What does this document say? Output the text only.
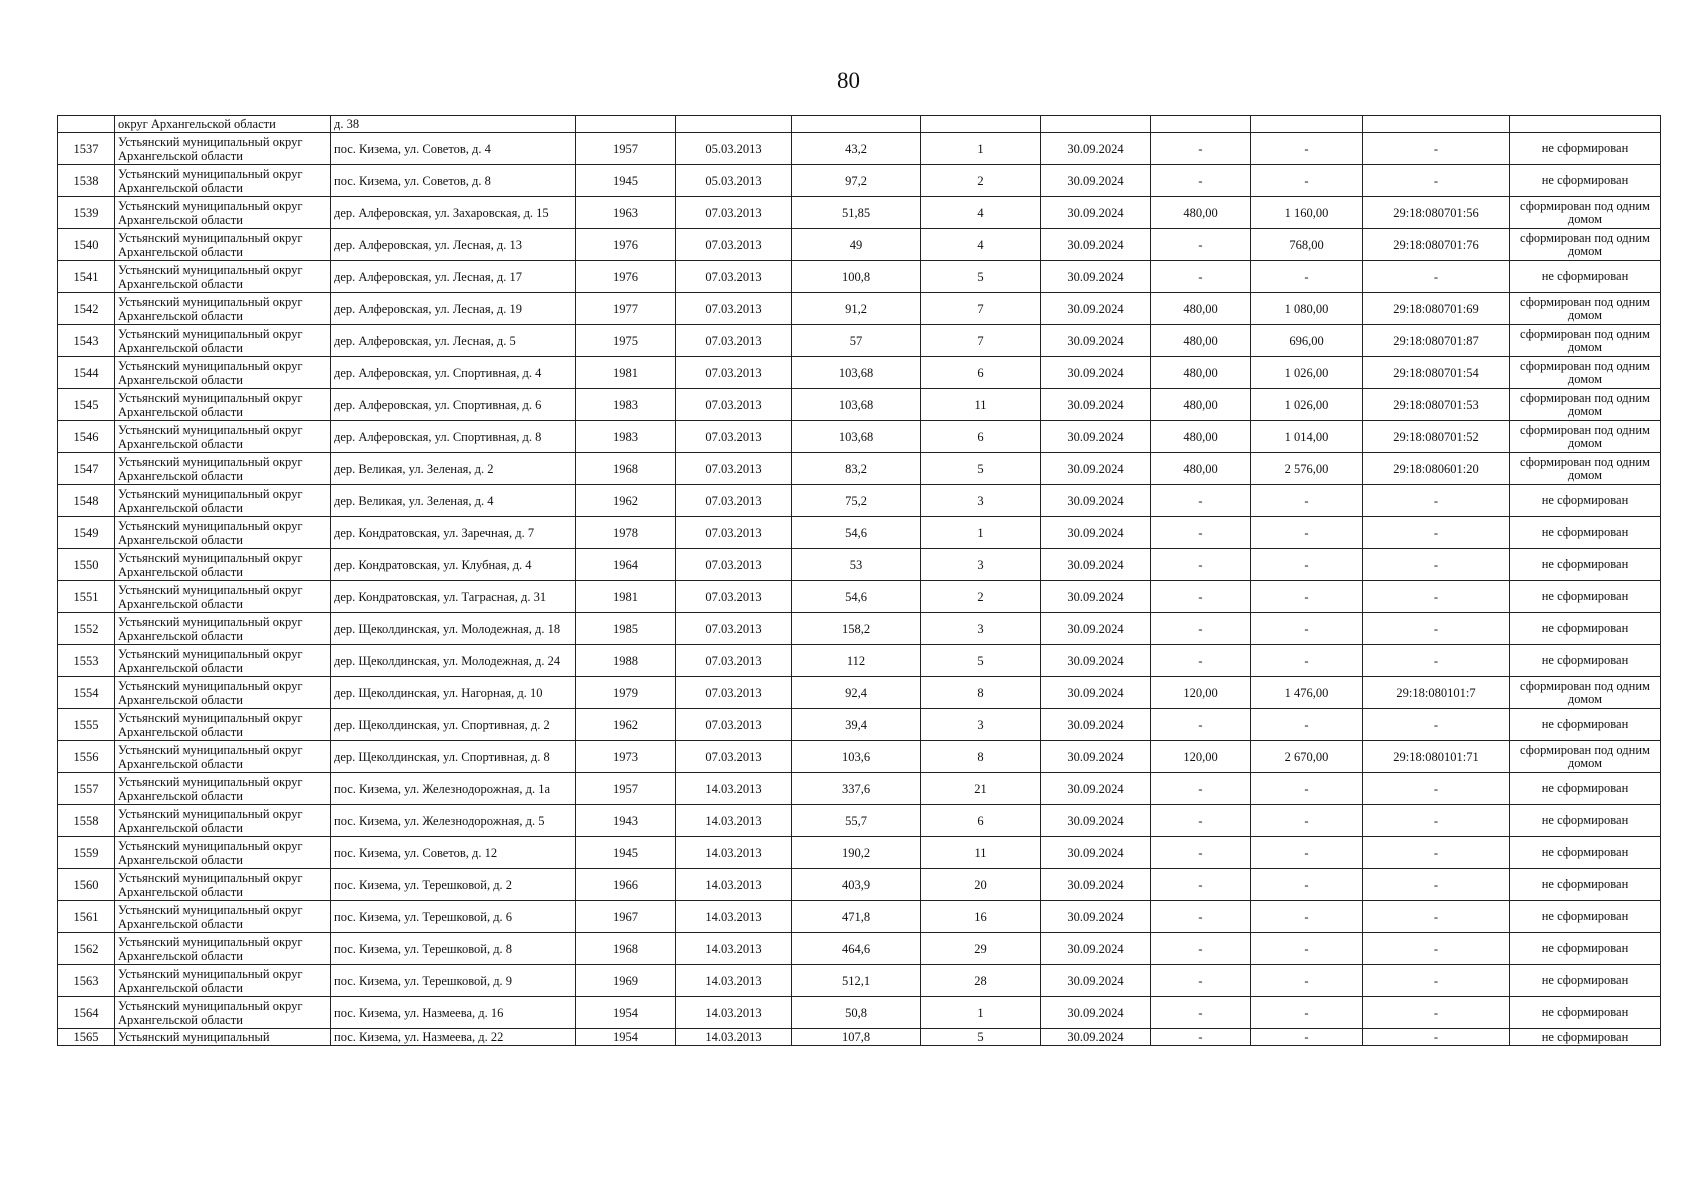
80
	округ Архангельской области	д. 38									
1537	Устьянский муниципальный округ Архангельской области	пос. Кизема, ул. Советов, д. 4	1957	05.03.2013	43,2	1	30.09.2024	-	-	-	не сформирован
1538	Устьянский муниципальный округ Архангельской области	пос. Кизема, ул. Советов, д. 8	1945	05.03.2013	97,2	2	30.09.2024	-	-	-	не сформирован
1539	Устьянский муниципальный округ Архангельской области	дер. Алферовская, ул. Захаровская, д. 15	1963	07.03.2013	51,85	4	30.09.2024	480,00	1 160,00	29:18:080701:56	сформирован под одним домом
1540	Устьянский муниципальный округ Архангельской области	дер. Алферовская, ул. Лесная, д. 13	1976	07.03.2013	49	4	30.09.2024	-	768,00	29:18:080701:76	сформирован под одним домом
1541	Устьянский муниципальный округ Архангельской области	дер. Алферовская, ул. Лесная, д. 17	1976	07.03.2013	100,8	5	30.09.2024	-	-	-	не сформирован
1542	Устьянский муниципальный округ Архангельской области	дер. Алферовская, ул. Лесная, д. 19	1977	07.03.2013	91,2	7	30.09.2024	480,00	1 080,00	29:18:080701:69	сформирован под одним домом
1543	Устьянский муниципальный округ Архангельской области	дер. Алферовская, ул. Лесная, д. 5	1975	07.03.2013	57	7	30.09.2024	480,00	696,00	29:18:080701:87	сформирован под одним домом
1544	Устьянский муниципальный округ Архангельской области	дер. Алферовская, ул. Спортивная, д. 4	1981	07.03.2013	103,68	6	30.09.2024	480,00	1 026,00	29:18:080701:54	сформирован под одним домом
1545	Устьянский муниципальный округ Архангельской области	дер. Алферовская, ул. Спортивная, д. 6	1983	07.03.2013	103,68	11	30.09.2024	480,00	1 026,00	29:18:080701:53	сформирован под одним домом
1546	Устьянский муниципальный округ Архангельской области	дер. Алферовская, ул. Спортивная, д. 8	1983	07.03.2013	103,68	6	30.09.2024	480,00	1 014,00	29:18:080701:52	сформирован под одним домом
1547	Устьянский муниципальный округ Архангельской области	дер. Великая, ул. Зеленая, д. 2	1968	07.03.2013	83,2	5	30.09.2024	480,00	2 576,00	29:18:080601:20	сформирован под одним домом
1548	Устьянский муниципальный округ Архангельской области	дер. Великая, ул. Зеленая, д. 4	1962	07.03.2013	75,2	3	30.09.2024	-	-	-	не сформирован
1549	Устьянский муниципальный округ Архангельской области	дер. Кондратовская, ул. Заречная, д. 7	1978	07.03.2013	54,6	1	30.09.2024	-	-	-	не сформирован
1550	Устьянский муниципальный округ Архангельской области	дер. Кондратовская, ул. Клубная, д. 4	1964	07.03.2013	53	3	30.09.2024	-	-	-	не сформирован
1551	Устьянский муниципальный округ Архангельской области	дер. Кондратовская, ул. Таграсная, д. 31	1981	07.03.2013	54,6	2	30.09.2024	-	-	-	не сформирован
1552	Устьянский муниципальный округ Архангельской области	дер. Щеколдинская, ул. Молодежная, д. 18	1985	07.03.2013	158,2	3	30.09.2024	-	-	-	не сформирован
1553	Устьянский муниципальный округ Архангельской области	дер. Щеколдинская, ул. Молодежная, д. 24	1988	07.03.2013	112	5	30.09.2024	-	-	-	не сформирован
1554	Устьянский муниципальный округ Архангельской области	дер. Щеколдинская, ул. Нагорная, д. 10	1979	07.03.2013	92,4	8	30.09.2024	120,00	1 476,00	29:18:080101:7	сформирован под одним домом
1555	Устьянский муниципальный округ Архангельской области	дер. Щеколдинская, ул. Спортивная, д. 2	1962	07.03.2013	39,4	3	30.09.2024	-	-	-	не сформирован
1556	Устьянский муниципальный округ Архангельской области	дер. Щеколдинская, ул. Спортивная, д. 8	1973	07.03.2013	103,6	8	30.09.2024	120,00	2 670,00	29:18:080101:71	сформирован под одним домом
1557	Устьянский муниципальный округ Архангельской области	пос. Кизема, ул. Железнодорожная, д. 1а	1957	14.03.2013	337,6	21	30.09.2024	-	-	-	не сформирован
1558	Устьянский муниципальный округ Архангельской области	пос. Кизема, ул. Железнодорожная, д. 5	1943	14.03.2013	55,7	6	30.09.2024	-	-	-	не сформирован
1559	Устьянский муниципальный округ Архангельской области	пос. Кизема, ул. Советов, д. 12	1945	14.03.2013	190,2	11	30.09.2024	-	-	-	не сформирован
1560	Устьянский муниципальный округ Архангельской области	пос. Кизема, ул. Терешковой, д. 2	1966	14.03.2013	403,9	20	30.09.2024	-	-	-	не сформирован
1561	Устьянский муниципальный округ Архангельской области	пос. Кизема, ул. Терешковой, д. 6	1967	14.03.2013	471,8	16	30.09.2024	-	-	-	не сформирован
1562	Устьянский муниципальный округ Архангельской области	пос. Кизема, ул. Терешковой, д. 8	1968	14.03.2013	464,6	29	30.09.2024	-	-	-	не сформирован
1563	Устьянский муниципальный округ Архангельской области	пос. Кизема, ул. Терешковой, д. 9	1969	14.03.2013	512,1	28	30.09.2024	-	-	-	не сформирован
1564	Устьянский муниципальный округ Архангельской области	пос. Кизема, ул. Назмеева, д. 16	1954	14.03.2013	50,8	1	30.09.2024	-	-	-	не сформирован
1565	Устьянский муниципальный	пос. Кизема, ул. Назмеева, д. 22	1954	14.03.2013	107,8	5	30.09.2024	-	-	-	не сформирован
